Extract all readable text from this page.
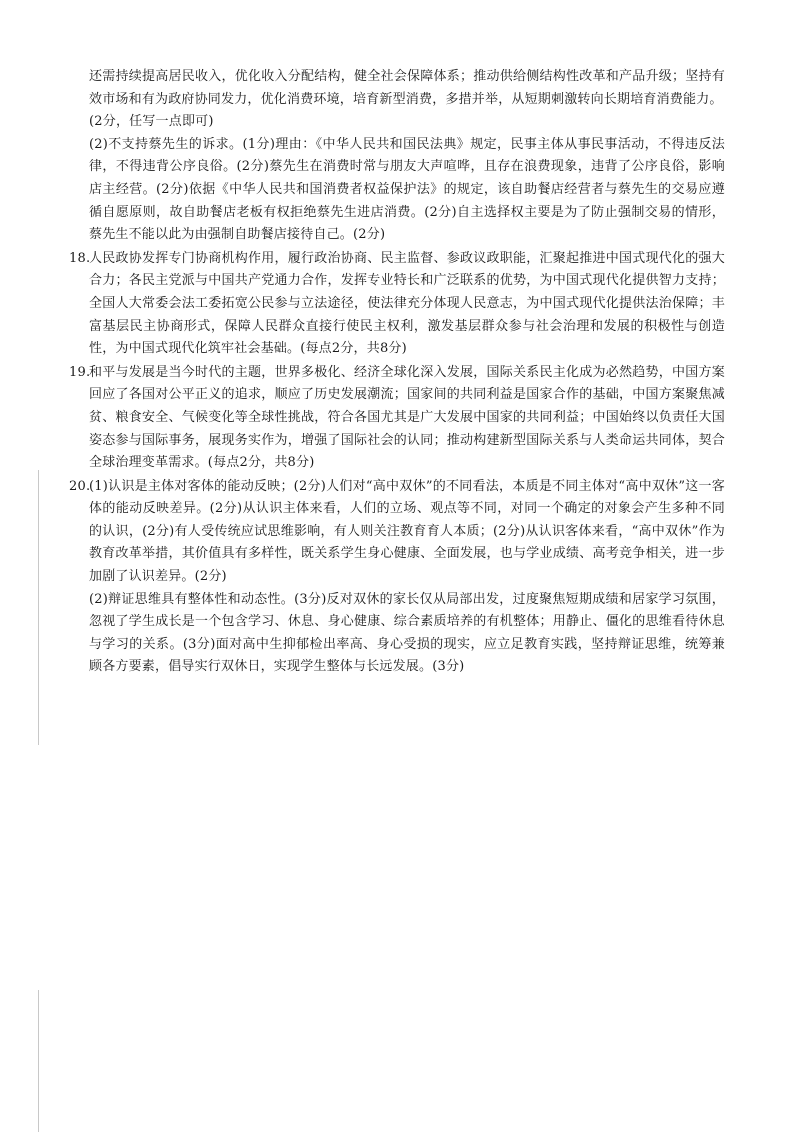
还需持续提高居民收入，优化收入分配结构，健全社会保障体系；推动供给侧结构性改革和产品升级；坚持有效市场和有为政府协同发力，优化消费环境，培育新型消费，多措并举，从短期刺激转向长期培育消费能力。

(2分，任写一点即可)

(2)不支持蔡先生的诉求。(1分)理由：《中华人民共和国民法典》规定，民事主体从事民事活动，不得违反法律，不得违背公序良俗。(2分)蔡先生在消费时常与朋友大声喧哗，且存在浪费现象，违背了公序良俗，影响店主经营。(2分)依据《中华人民共和国消费者权益保护法》的规定，该自助餐店经营者与蔡先生的交易应遵循自愿原则，故自助餐店老板有权拒绝蔡先生进店消费。(2分)自主选择权主要是为了防止强制交易的情形，蔡先生不能以此为由强制自助餐店接待自己。(2分)

18.

人民政协发挥专门协商机构作用，履行政治协商、民主监督、参政议政职能，汇聚起推进中国式现代化的强大合力；各民主党派与中国共产党通力合作，发挥专业特长和广泛联系的优势，为中国式现代化提供智力支持；全国人大常委会法工委拓宽公民参与立法途径，使法律充分体现人民意志，为中国式现代化提供法治保障；丰富基层民主协商形式，保障人民群众直接行使民主权利，激发基层群众参与社会治理和发展的积极性与创造性，为中国式现代化筑牢社会基础。(每点2分，共8分)

19.

和平与发展是当今时代的主题，世界多极化、经济全球化深入发展，国际关系民主化成为必然趋势，中国方案回应了各国对公平正义的追求，顺应了历史发展潮流；国家间的共同利益是国家合作的基础，中国方案聚焦减贫、粮食安全、气候变化等全球性挑战，符合各国尤其是广大发展中国家的共同利益；中国始终以负责任大国姿态参与国际事务，展现务实作为，增强了国际社会的认同；推动构建新型国际关系与人类命运共同体，契合全球治理变革需求。(每点2分，共8分)

20.

(1)认识是主体对客体的能动反映；(2分)人们对“高中双休”的不同看法，本质是不同主体对“高中双休”这一客体的能动反映差异。(2分)从认识主体来看，人们的立场、观点等不同，对同一个确定的对象会产生多种不同的认识，(2分)有人受传统应试思维影响，有人则关注教育育人本质；(2分)从认识客体来看，“高中双休”作为教育改革举措，其价值具有多样性，既关系学生身心健康、全面发展，也与学业成绩、高考竞争相关，进一步加剧了认识差异。(2分)

(2)辩证思维具有整体性和动态性。(3分)反对双休的家长仅从局部出发，过度聚焦短期成绩和居家学习氛围，忽视了学生成长是一个包含学习、休息、身心健康、综合素质培养的有机整体；用静止、僵化的思维看待休息与学习的关系。(3分)面对高中生抑郁检出率高、身心受损的现实，应立足教育实践，坚持辩证思维，统筹兼顾各方要素，倡导实行双休日，实现学生整体与长远发展。(3分)
